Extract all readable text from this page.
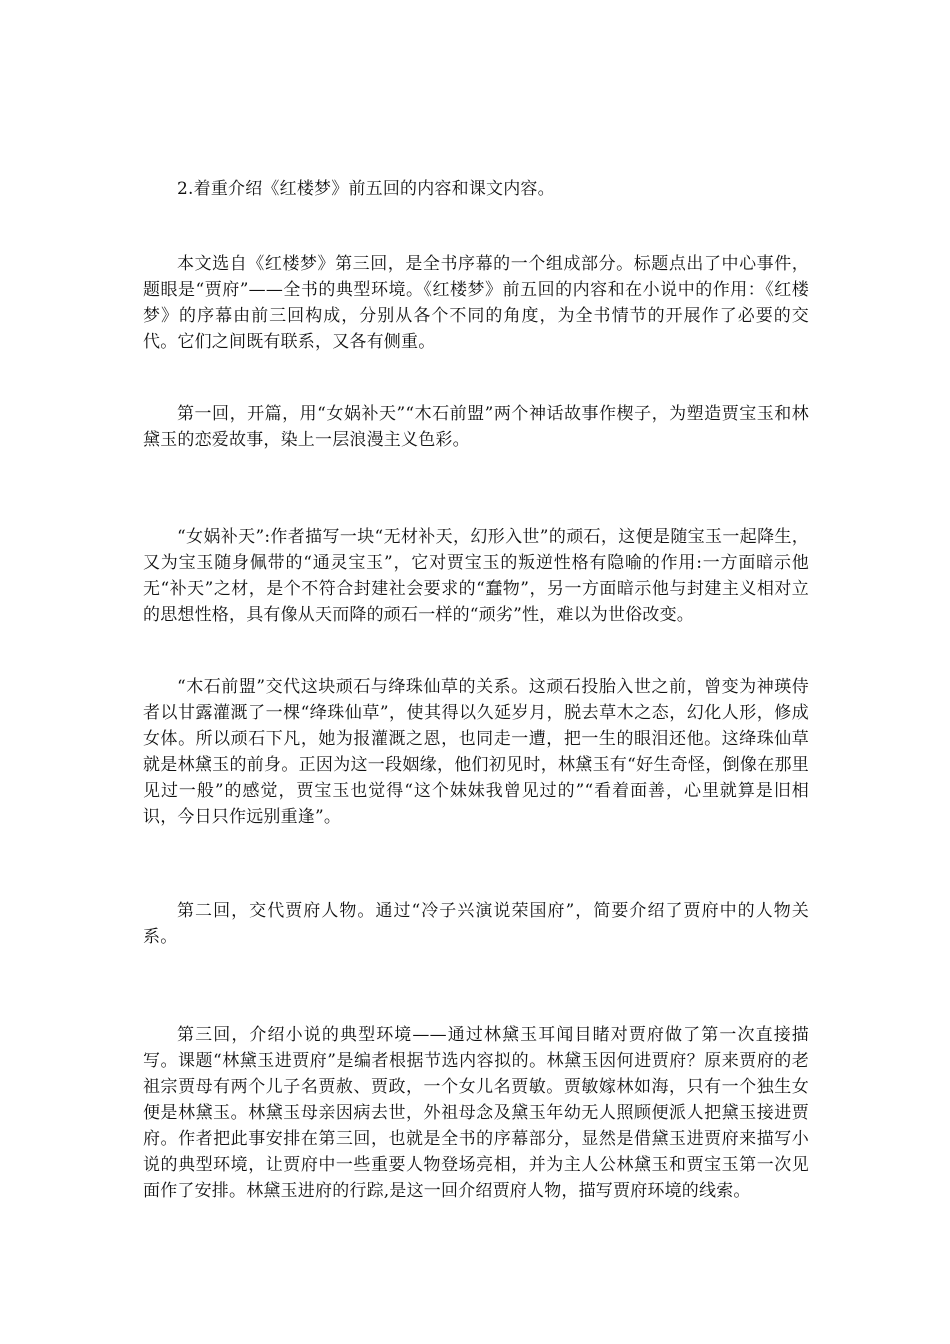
2.着重介绍《红楼梦》前五回的内容和课文内容。

本文选自《红楼梦》第三回，是全书序幕的一个组成部分。标题点出了中心事件，题眼是“贾府”——全书的典型环境。《红楼梦》前五回的内容和在小说中的作用：《红楼梦》的序幕由前三回构成，分别从各个不同的角度，为全书情节的开展作了必要的交代。它们之间既有联系，又各有侧重。

第一回，开篇，用“女娲补天”“木石前盟”两个神话故事作楔子，为塑造贾宝玉和林黛玉的恋爱故事，染上一层浪漫主义色彩。

“女娲补天”:作者描写一块“无材补天，幻形入世”的顽石，这便是随宝玉一起降生，又为宝玉随身佩带的“通灵宝玉”，它对贾宝玉的叛逆性格有隐喻的作用:一方面暗示他无“补天”之材，是个不符合封建社会要求的“蠢物”，另一方面暗示他与封建主义相对立的思想性格，具有像从天而降的顽石一样的“顽劣”性，难以为世俗改变。

“木石前盟”交代这块顽石与绛珠仙草的关系。这顽石投胎入世之前，曾变为神瑛侍者以甘露灌溉了一棵“绛珠仙草”，使其得以久延岁月，脱去草木之态，幻化人形，修成女体。所以顽石下凡，她为报灌溉之恩，也同走一遭，把一生的眼泪还他。这绛珠仙草就是林黛玉的前身。正因为这一段姻缘，他们初见时，林黛玉有“好生奇怪，倒像在那里见过一般”的感觉，贾宝玉也觉得“这个妹妹我曾见过的”“看着面善，心里就算是旧相识，今日只作远别重逢”。

第二回，交代贾府人物。通过“冷子兴演说荣国府”，简要介绍了贾府中的人物关系。

第三回，介绍小说的典型环境——通过林黛玉耳闻目睹对贾府做了第一次直接描写。课题“林黛玉进贾府”是编者根据节选内容拟的。林黛玉因何进贾府？原来贾府的老祖宗贾母有两个儿子名贾赦、贾政，一个女儿名贾敏。贾敏嫁林如海，只有一个独生女便是林黛玉。林黛玉母亲因病去世，外祖母念及黛玉年幼无人照顾便派人把黛玉接进贾府。作者把此事安排在第三回，也就是全书的序幕部分，显然是借黛玉进贾府来描写小说的典型环境，让贾府中一些重要人物登场亮相，并为主人公林黛玉和贾宝玉第一次见面作了安排。林黛玉进府的行踪,是这一回介绍贾府人物，描写贾府环境的线索。
